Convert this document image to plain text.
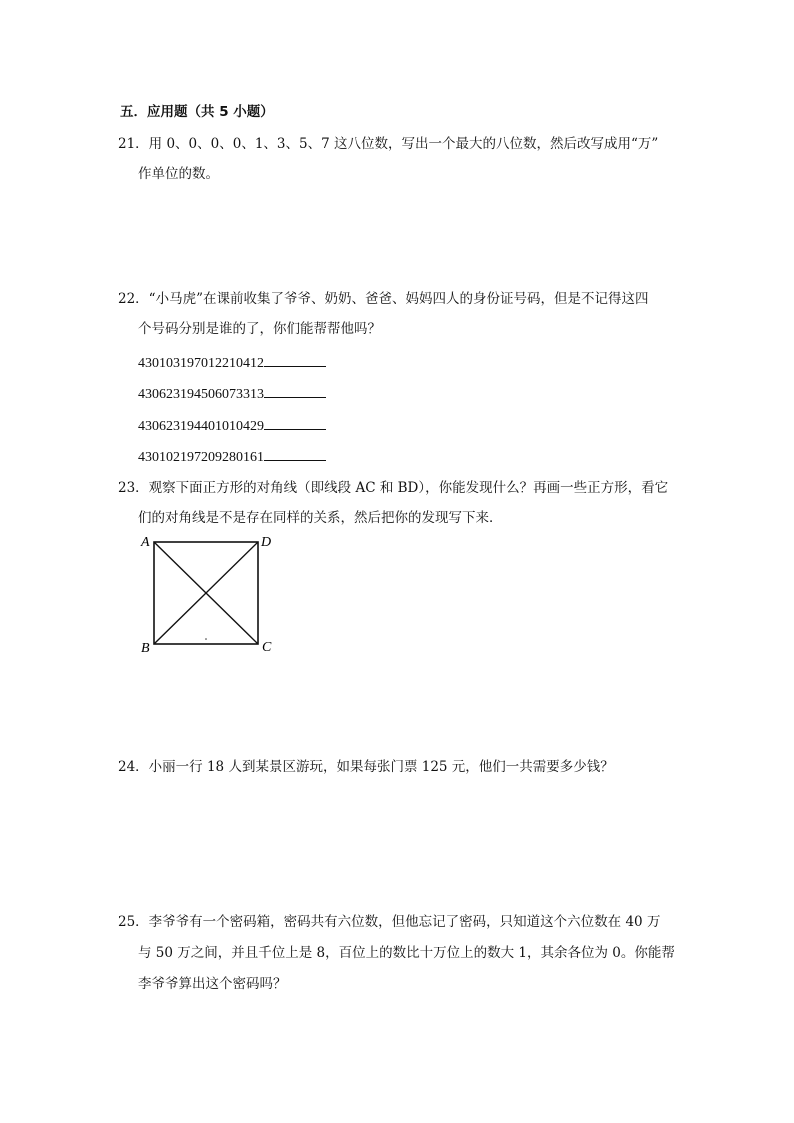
五．应用题（共 5 小题）
21．用 0、0、0、0、1、3、5、7 这八位数，写出一个最大的八位数，然后改写成用“万”
作单位的数。
22．“小马虎”在课前收集了爷爷、奶奶、爸爸、妈妈四人的身份证号码，但是不记得这四
个号码分别是谁的了，你们能帮帮他吗？
430103197012210412
430623194506073313
430623194401010429
430102197209280161
23．观察下面正方形的对角线（即线段 AC 和 BD），你能发现什么？再画一些正方形，看它
们的对角线是不是存在同样的关系，然后把你的发现写下来．
A
B	C
D
24．小丽一行 18 人到某景区游玩，如果每张门票 125 元，他们一共需要多少钱？
25．李爷爷有一个密码箱，密码共有六位数，但他忘记了密码，只知道这个六位数在 40 万
与 50 万之间，并且千位上是 8，百位上的数比十万位上的数大 1，其余各位为 0。你能帮
李爷爷算出这个密码吗？
